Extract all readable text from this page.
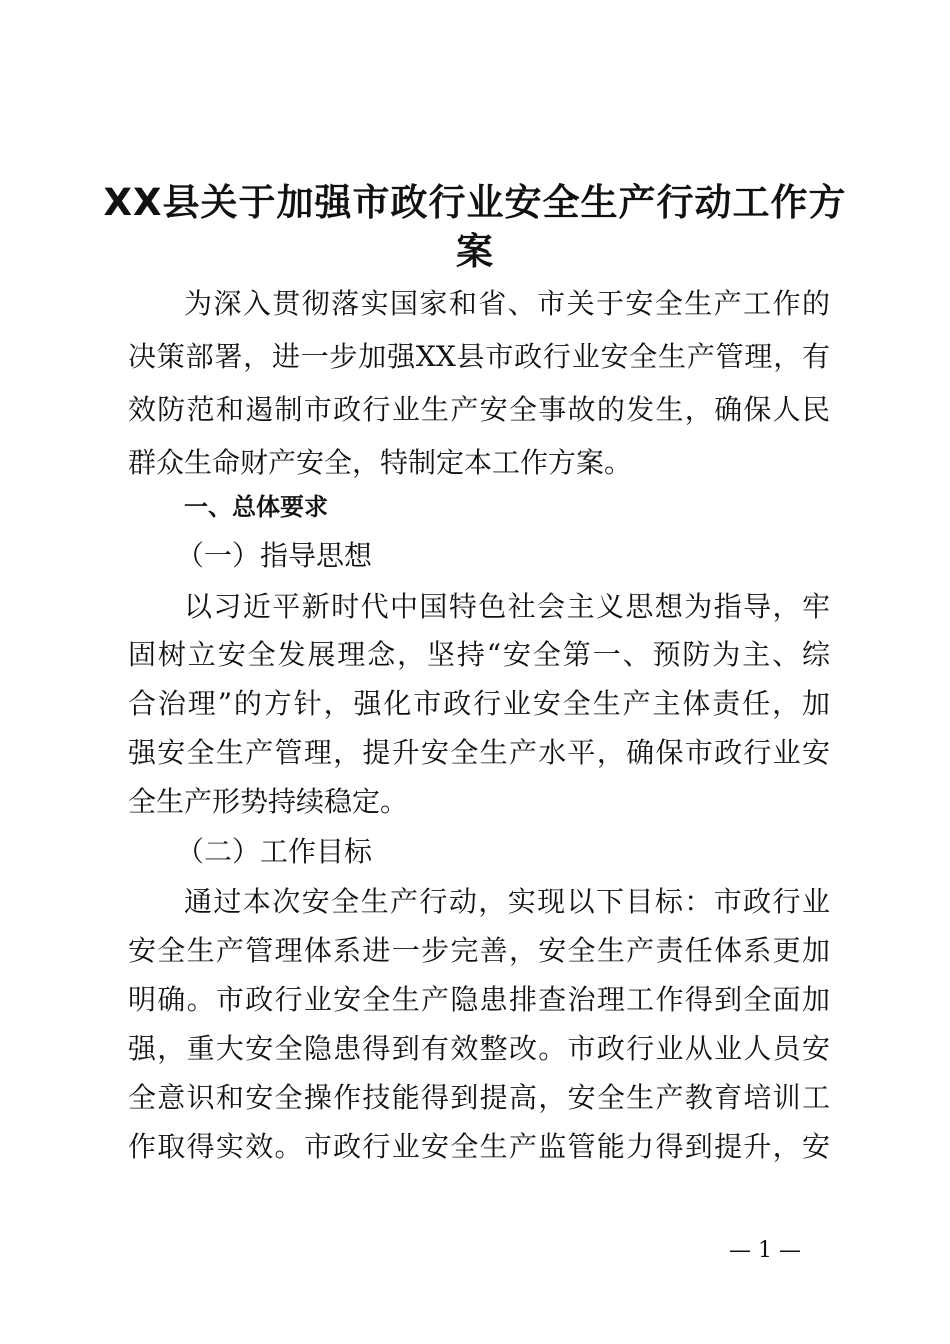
XX县关于加强市政行业安全生产行动工作方
案

为深入贯彻落实国家和省、市关于安全生产工作的

决策部署，进一步加强XX县市政行业安全生产管理，有

效防范和遏制市政行业生产安全事故的发生，确保人民

群众生命财产安全，特制定本工作方案。

一、总体要求

（一）指导思想

以习近平新时代中国特色社会主义思想为指导，牢

固树立安全发展理念，坚持“安全第一、预防为主、综

合治理”的方针，强化市政行业安全生产主体责任，加

强安全生产管理，提升安全生产水平，确保市政行业安

全生产形势持续稳定。

（二）工作目标

通过本次安全生产行动，实现以下目标：市政行业

安全生产管理体系进一步完善，安全生产责任体系更加

明确。市政行业安全生产隐患排查治理工作得到全面加

强，重大安全隐患得到有效整改。市政行业从业人员安

全意识和安全操作技能得到提高，安全生产教育培训工

作取得实效。市政行业安全生产监管能力得到提升，安

— 1 —
